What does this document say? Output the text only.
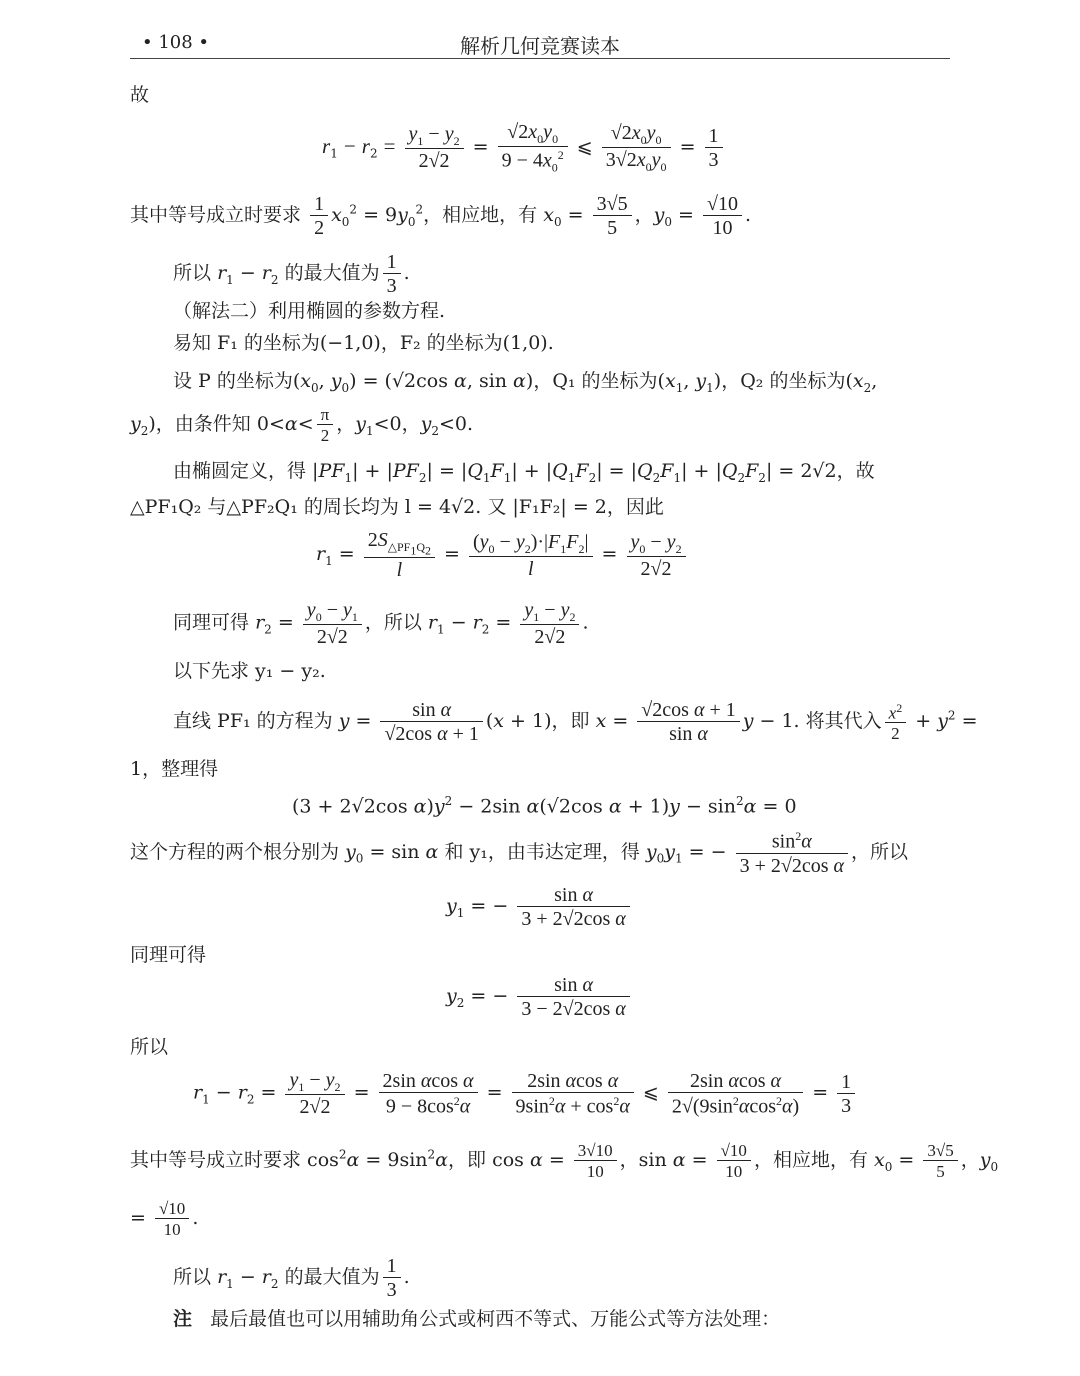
• 108 •	解析几何竞赛读本
故
$r_1 - r_2 = \frac{y_1 - y_2}{2√2} = \frac{√2x_0y_0}{9 - 4x_0^2}$ ⩽ $\frac{√2x_0y_0}{3√2x_0y_0} = \frac{1}{3}$
其中等号成立时要求 $\frac{1}{2} x_0^2 = 9y_0^2$，相应地，有 $x_0 = \frac{3√5}{5}$ ，$y_0 = \frac{√10}{10}$ .
所以 $r_1 - r_2$ 的最大值为 $\frac{1}{3}$ .
（解法二）利用椭圆的参数方程.
易知 F₁ 的坐标为(−1,0)，F₂ 的坐标为(1,0).
设 P 的坐标为($x_0$, $y_0) = (√2\cos$ α, sin α)，Q₁ 的坐标为($x_1$, $y_1$)，Q₂ 的坐标为($x_2$,
$y_2$)，由条件知 $0<\alpha< \frac{\pi}{2}$ ，$y_1<0$，$y_2<0$.
由椭圆定义，得 $|PF_1| + |PF_2| = |Q_1F_1| + |Q_1F_2| = |Q_2F_1| + |Q_2F_2| = 2√2$，故
△PF₁Q₂ 与△PF₂Q₁ 的周长均为 l = 4√2. 又 |F₁F₂| = 2，因此
$r_1 = \frac{2S_{\triangle PF_1Q_2}}{l} = \frac{(y_0 - y_2)\cdot|F_1F_2|}{l} = \frac{y_0 - y_2}{2√2}$
同理可得 $r_2 = \frac{y_0 - y_1}{2√2}$ ，所以 $r_1 - r_2 = \frac{y_1 - y_2}{2√2}$ .
以下先求 y₁ − y₂.
直线 PF₁ 的方程为 $y = \frac{\text{sin α}}{\text{√2cos α + 1}} (x + 1)$，即 $x = \frac{\text{√2cos α + 1}}{\text{sin α}}$ y − 1. 将其代入 $\frac{x^2}{2} + y^2$ =
1，整理得
(3 + 2√2cos $\alpha)y^2 - 2\sin$ α(√2cos $\alpha + 1)y - \sin^2\alpha = 0$
这个方程的两个根分别为 $y_0 = \sin \alpha$ 和 y₁，由韦达定理，得 $y_0y_1$ = − $\frac{\sin^2\alpha}{\text{3 + 2√2cos α}}$ ，所以
$y_1$ = − $\frac{\text{sin α}}{\text{3 + 2√2cos α}}$
同理可得
$y_2$ = − $\frac{\text{sin α}}{\text{3 − 2√2cos α}}$
所以
$r_1 - r_2 = \frac{y_1 - y_2}{2√2} = \frac{\text{2sin αcos α}}{9 - 8\cos^2\alpha} = \frac{\text{2sin αcos α}}{9\sin^2\alpha + \cos^2\alpha}$ ⩽ $\frac{\text{2sin αcos α}}{2√(9\sin^2\alpha\cos^2\alpha)} = \frac{1}{3}$
其中等号成立时要求 $\cos^2\alpha = 9\sin^2\alpha$，即 $\cos \alpha = \frac{3√10}{10}$ ，$\sin \alpha = \frac{√10}{10}$ ，相应地，有 $x_0 = \frac{3√5}{5}$ ，$y_0$
= $\frac{√10}{10}$ .
所以 $r_1 - r_2$ 的最大值为 $\frac{1}{3}$ .
注 最后最值也可以用辅助角公式或柯西不等式、万能公式等方法处理：
